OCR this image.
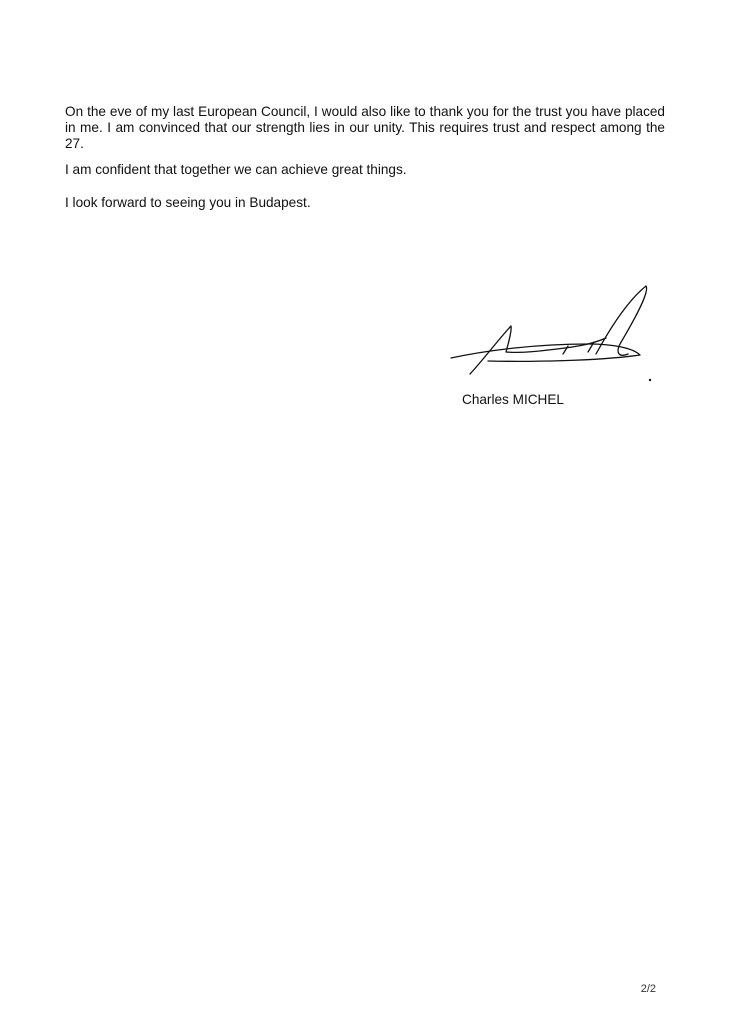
On the eve of my last European Council, I would also like to thank you for the trust you have placed in me. I am convinced that our strength lies in our unity. This requires trust and respect among the 27.

I am confident that together we can achieve great things.

I look forward to seeing you in Budapest.

Charles MICHEL

2/2
